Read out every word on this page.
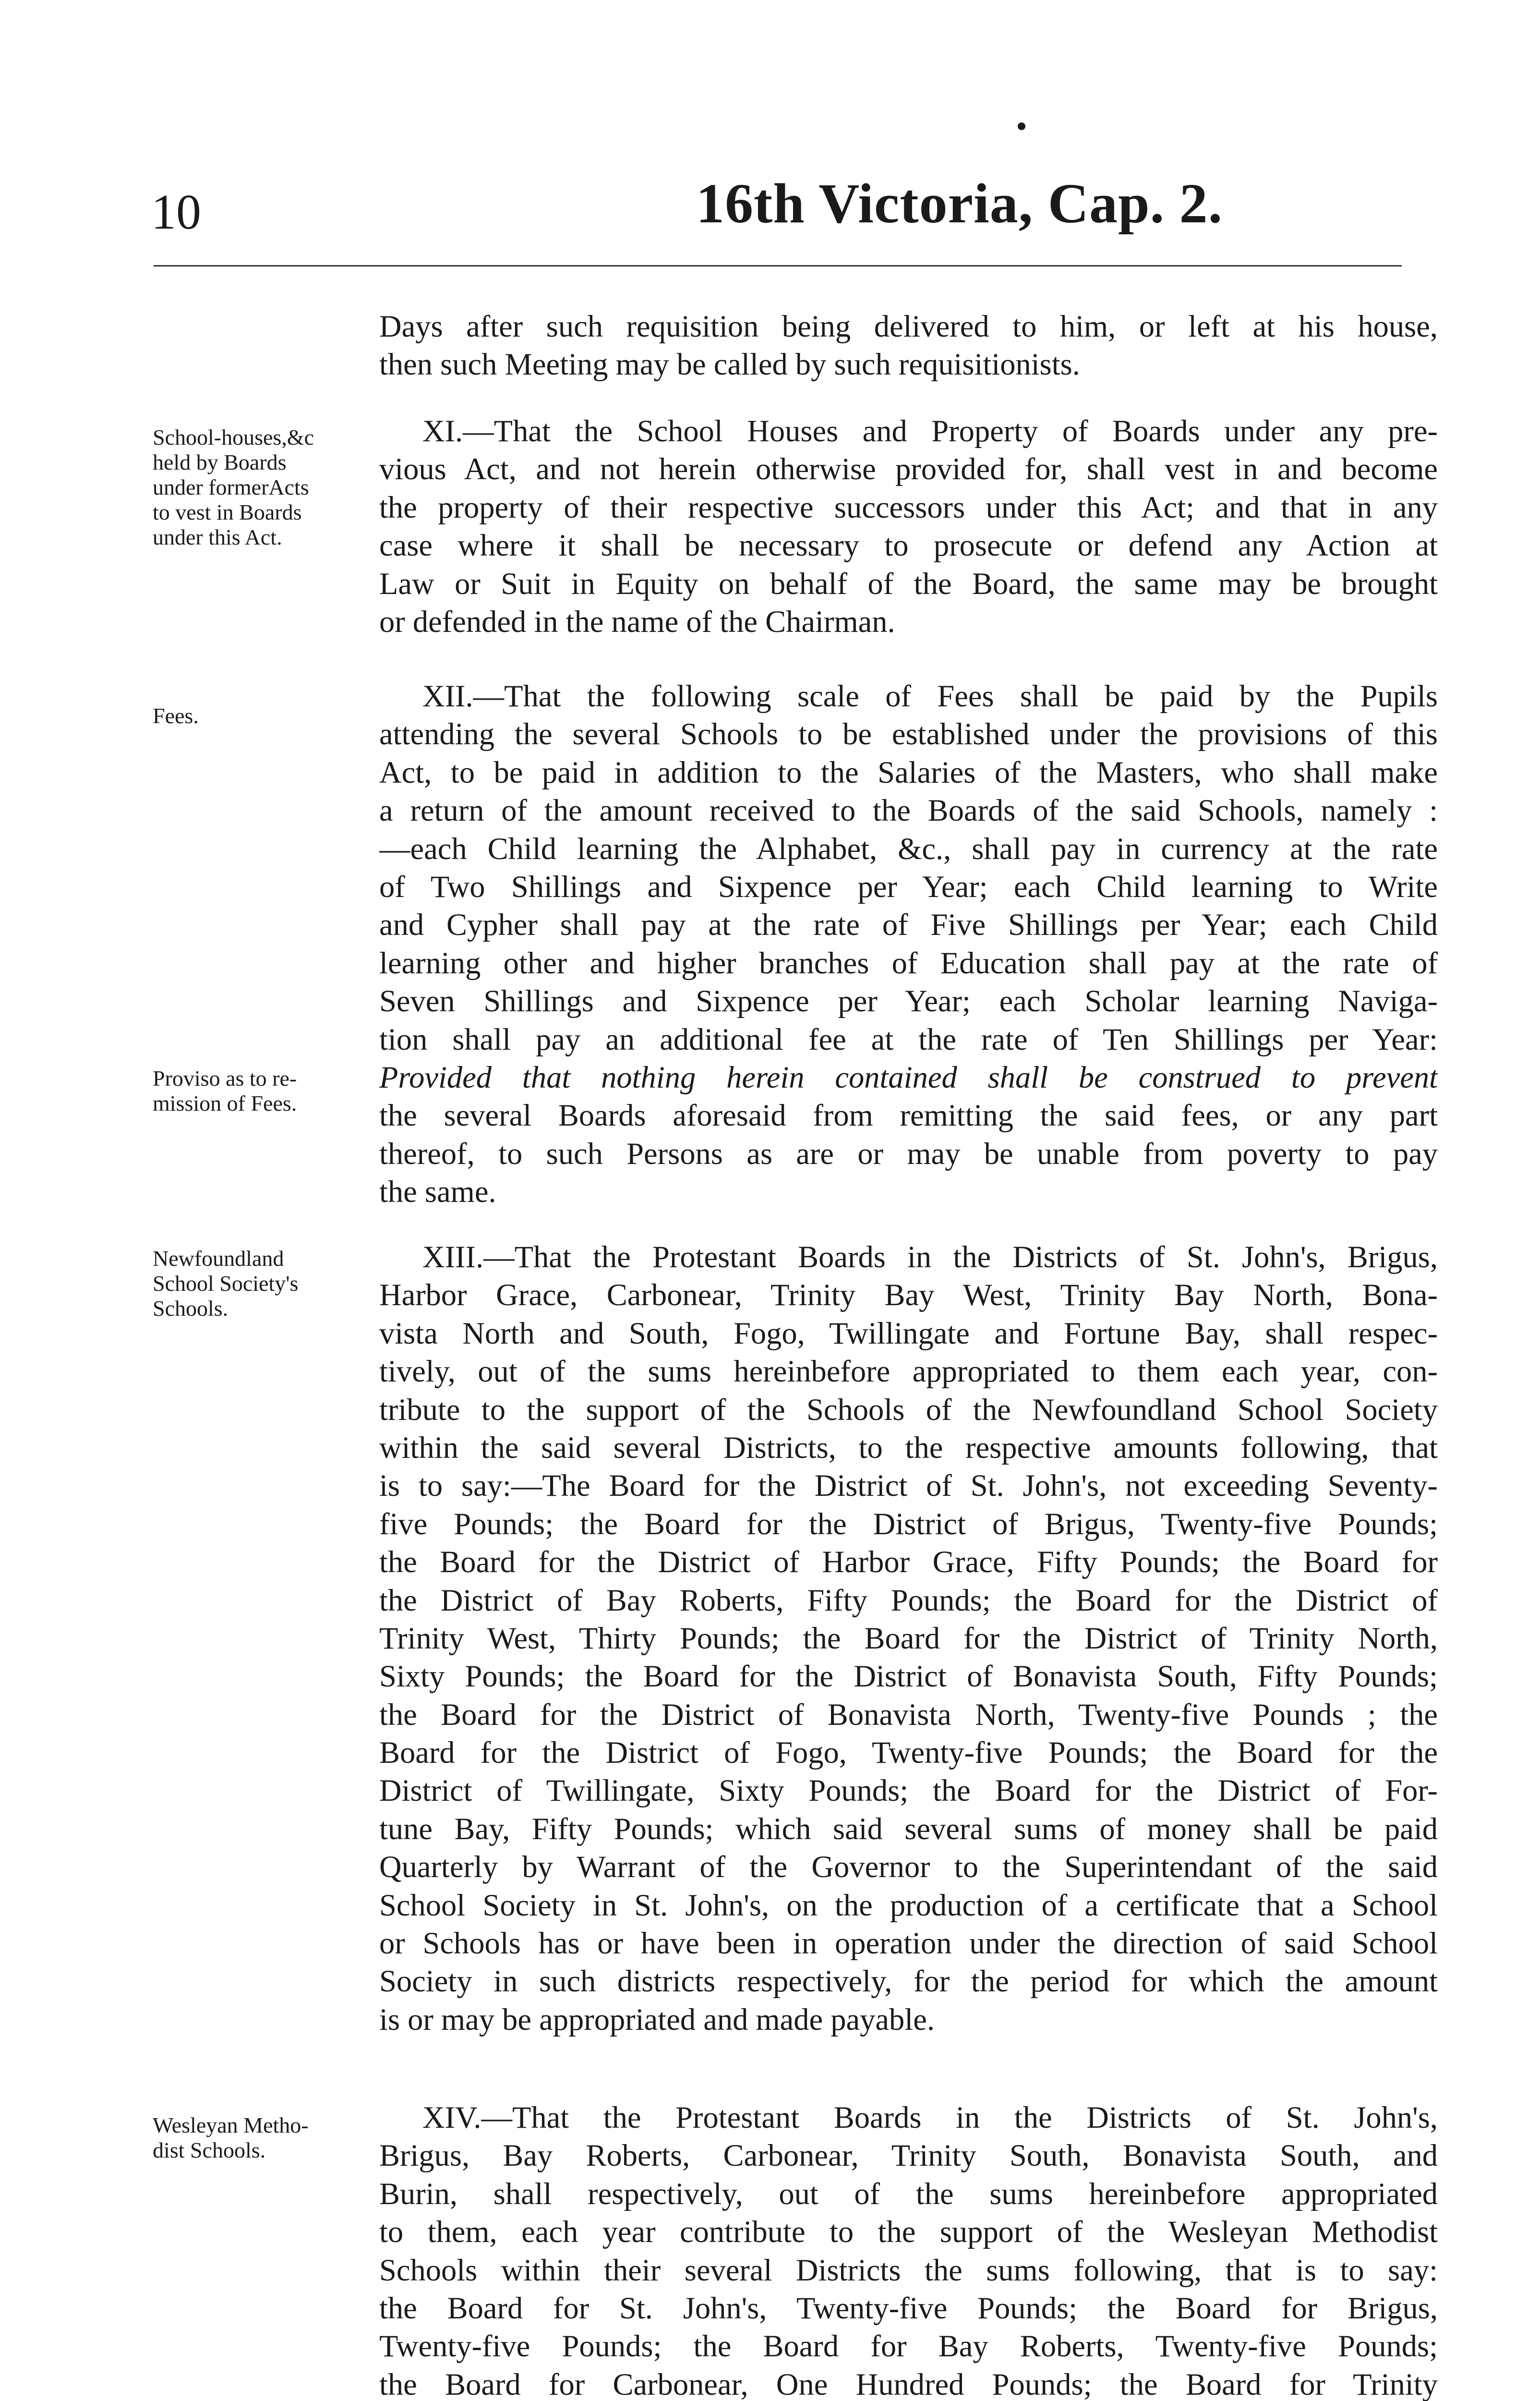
10	16th Victoria, Cap. 2.
Days after such requisition being delivered to him, or left at his house,
then such Meeting may be called by such requisitionists.
School-houses,&c
held by Boards
under formerActs
to vest in Boards
under this Act.
XI.—That the School Houses and Property of Boards under any pre-
vious Act, and not herein otherwise provided for, shall vest in and become
the property of their respective successors under this Act; and that in any
case where it shall be necessary to prosecute or defend any Action at
Law or Suit in Equity on behalf of the Board, the same may be brought
or defended in the name of the Chairman.
Fees.
XII.—That the following scale of Fees shall be paid by the Pupils
attending the several Schools to be established under the provisions of this
Act, to be paid in addition to the Salaries of the Masters, who shall make
a return of the amount received to the Boards of the said Schools, namely :
—each Child learning the Alphabet, &c., shall pay in currency at the rate
of Two Shillings and Sixpence per Year; each Child learning to Write
and Cypher shall pay at the rate of Five Shillings per Year; each Child
learning other and higher branches of Education shall pay at the rate of
Seven Shillings and Sixpence per Year; each Scholar learning Naviga-
tion shall pay an additional fee at the rate of Ten Shillings per Year:
Provided that nothing herein contained shall be construed to prevent
the several Boards aforesaid from remitting the said fees, or any part
thereof, to such Persons as are or may be unable from poverty to pay
the same.
Proviso as to re-
mission of Fees.
Newfoundland
School Society's
Schools.
XIII.—That the Protestant Boards in the Districts of St. John's, Brigus,
Harbor Grace, Carbonear, Trinity Bay West, Trinity Bay North, Bona-
vista North and South, Fogo, Twillingate and Fortune Bay, shall respec-
tively, out of the sums hereinbefore appropriated to them each year, con-
tribute to the support of the Schools of the Newfoundland School Society
within the said several Districts, to the respective amounts following, that
is to say:—The Board for the District of St. John's, not exceeding Seventy-
five Pounds; the Board for the District of Brigus, Twenty-five Pounds;
the Board for the District of Harbor Grace, Fifty Pounds; the Board for
the District of Bay Roberts, Fifty Pounds; the Board for the District of
Trinity West, Thirty Pounds; the Board for the District of Trinity North,
Sixty Pounds; the Board for the District of Bonavista South, Fifty Pounds;
the Board for the District of Bonavista North, Twenty-five Pounds ; the
Board for the District of Fogo, Twenty-five Pounds; the Board for the
District of Twillingate, Sixty Pounds; the Board for the District of For-
tune Bay, Fifty Pounds; which said several sums of money shall be paid
Quarterly by Warrant of the Governor to the Superintendant of the said
School Society in St. John's, on the production of a certificate that a School
or Schools has or have been in operation under the direction of said School
Society in such districts respectively, for the period for which the amount
is or may be appropriated and made payable.
Wesleyan Metho-
dist Schools.
XIV.—That the Protestant Boards in the Districts of St. John's,
Brigus, Bay Roberts, Carbonear, Trinity South, Bonavista South, and
Burin, shall respectively, out of the sums hereinbefore appropriated
to them, each year contribute to the support of the Wesleyan Methodist
Schools within their several Districts the sums following, that is to say:
the Board for St. John's, Twenty-five Pounds; the Board for Brigus,
Twenty-five Pounds; the Board for Bay Roberts, Twenty-five Pounds;
the Board for Carbonear, One Hundred Pounds; the Board for Trinity
